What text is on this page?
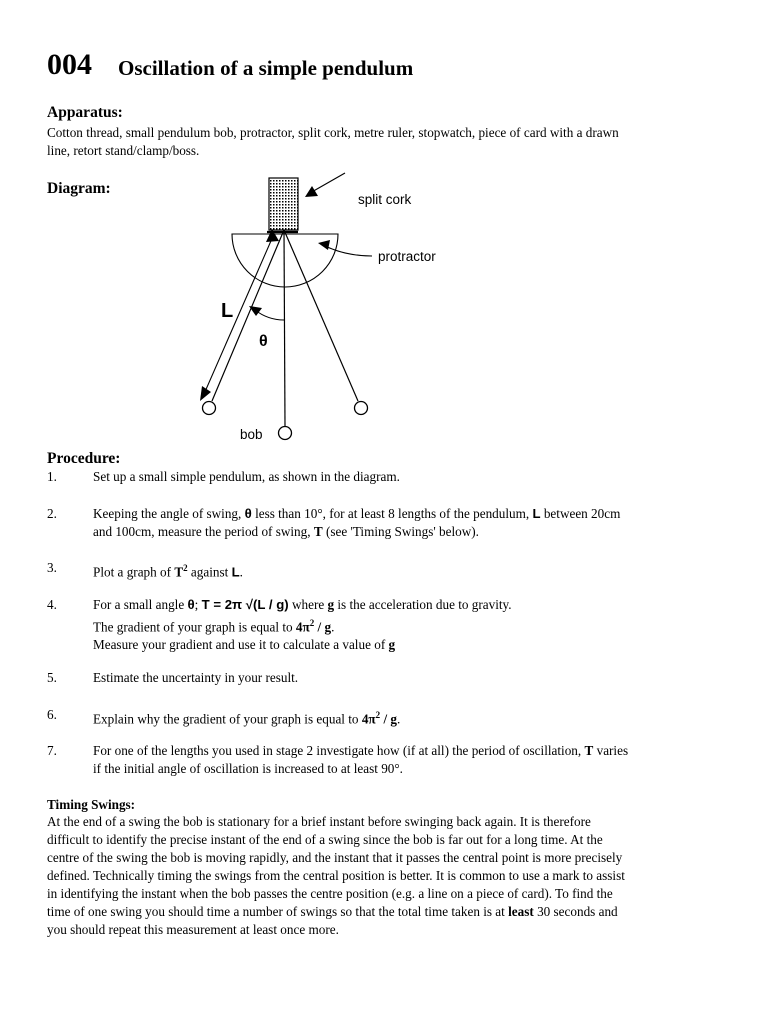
004 Oscillation of a simple pendulum
Apparatus:

Cotton thread, small pendulum bob, protractor, split cork, metre ruler, stopwatch, piece of card with a drawn

line, retort stand/clamp/boss.

Diagram:
split cork
protractor
L
θ
bob
Procedure:
1.	Set up a small simple pendulum, as shown in the diagram.

2.	Keeping the angle of swing, θ less than 10°, for at least 8 lengths of the pendulum, L between 20cm

and 100cm, measure the period of swing, T (see 'Timing Swings' below).

3.	Plot a graph of $T^2$ against L.

4.	For a small angle θ; T = 2π √(L / g) where g is the acceleration due to gravity.

The gradient of your graph is equal to $4\pi^2$ / g.

Measure your gradient and use it to calculate a value of g

5.	Estimate the uncertainty in your result.

6.	Explain why the gradient of your graph is equal to $4\pi^2$ / g.

7.	For one of the lengths you used in stage 2 investigate how (if at all) the period of oscillation, T varies

if the initial angle of oscillation is increased to at least 90°.

Timing Swings:

At the end of a swing the bob is stationary for a brief instant before swinging back again. It is therefore

difficult to identify the precise instant of the end of a swing since the bob is far out for a long time. At the

centre of the swing the bob is moving rapidly, and the instant that it passes the central point is more precisely

defined. Technically timing the swings from the central position is better. It is common to use a mark to assist

in identifying the instant when the bob passes the centre position (e.g. a line on a piece of card). To find the

time of one swing you should time a number of swings so that the total time taken is at least 30 seconds and

you should repeat this measurement at least once more.
